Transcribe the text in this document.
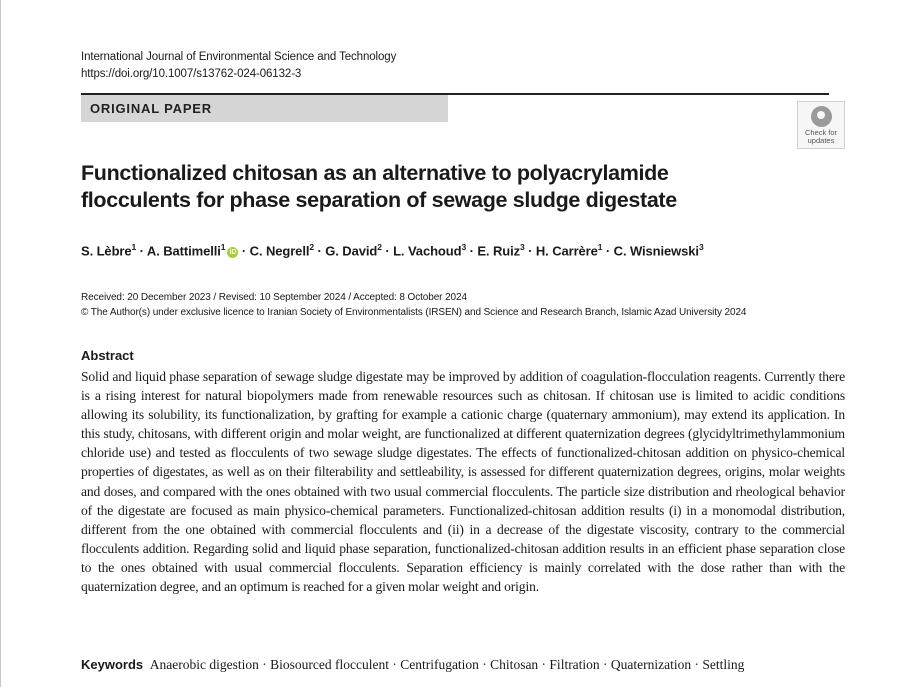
International Journal of Environmental Science and Technology
https://doi.org/10.1007/s13762-024-06132-3
ORIGINAL PAPER
Check for
updates
Functionalized chitosan as an alternative to polyacrylamide
flocculents for phase separation of sewage sludge digestate
S. Lèbre$^1$ · A. Battimelli$^1$iD · C. Negrell$^2$ · G. David$^2$ · L. Vachoud$^3$ · E. Ruiz$^3$ · H. Carrère$^1$ · C. Wisniewski$^3$
Received: 20 December 2023 / Revised: 10 September 2024 / Accepted: 8 October 2024
© The Author(s) under exclusive licence to Iranian Society of Environmentalists (IRSEN) and Science and Research Branch, Islamic Azad University 2024
Abstract

Solid and liquid phase separation of sewage sludge digestate may be improved by addition of coagulation-flocculation reagents. Currently there is a rising interest for natural biopolymers made from renewable resources such as chitosan. If chitosan use is limited to acidic conditions allowing its solubility, its functionalization, by grafting for example a cationic charge (quaternary ammonium), may extend its application. In this study, chitosans, with different origin and molar weight, are functionalized at different quaternization degrees (glycidyltrimethylammonium chloride use) and tested as flocculents of two sewage sludge digestates. The effects of functionalized-chitosan addition on physico-chemical properties of digestates, as well as on their filterability and settleability, is assessed for different quaternization degrees, origins, molar weights and doses, and compared with the ones obtained with two usual commercial flocculents. The particle size distribution and rheological behavior of the digestate are focused as main physico-chemical parameters. Functionalized-chitosan addition results (i) in a monomodal distribution, different from the one obtained with commercial flocculents and (ii) in a decrease of the digestate viscosity, contrary to the commercial flocculents addition. Regarding solid and liquid phase separation, functionalized-chitosan addition results in an efficient phase separation close to the ones obtained with usual commercial flocculents. Separation efficiency is mainly correlated with the dose rather than with the quaternization degree, and an optimum is reached for a given molar weight and origin.

Keywords Anaerobic digestion · Biosourced flocculent · Centrifugation · Chitosan · Filtration · Quaternization · Settling
